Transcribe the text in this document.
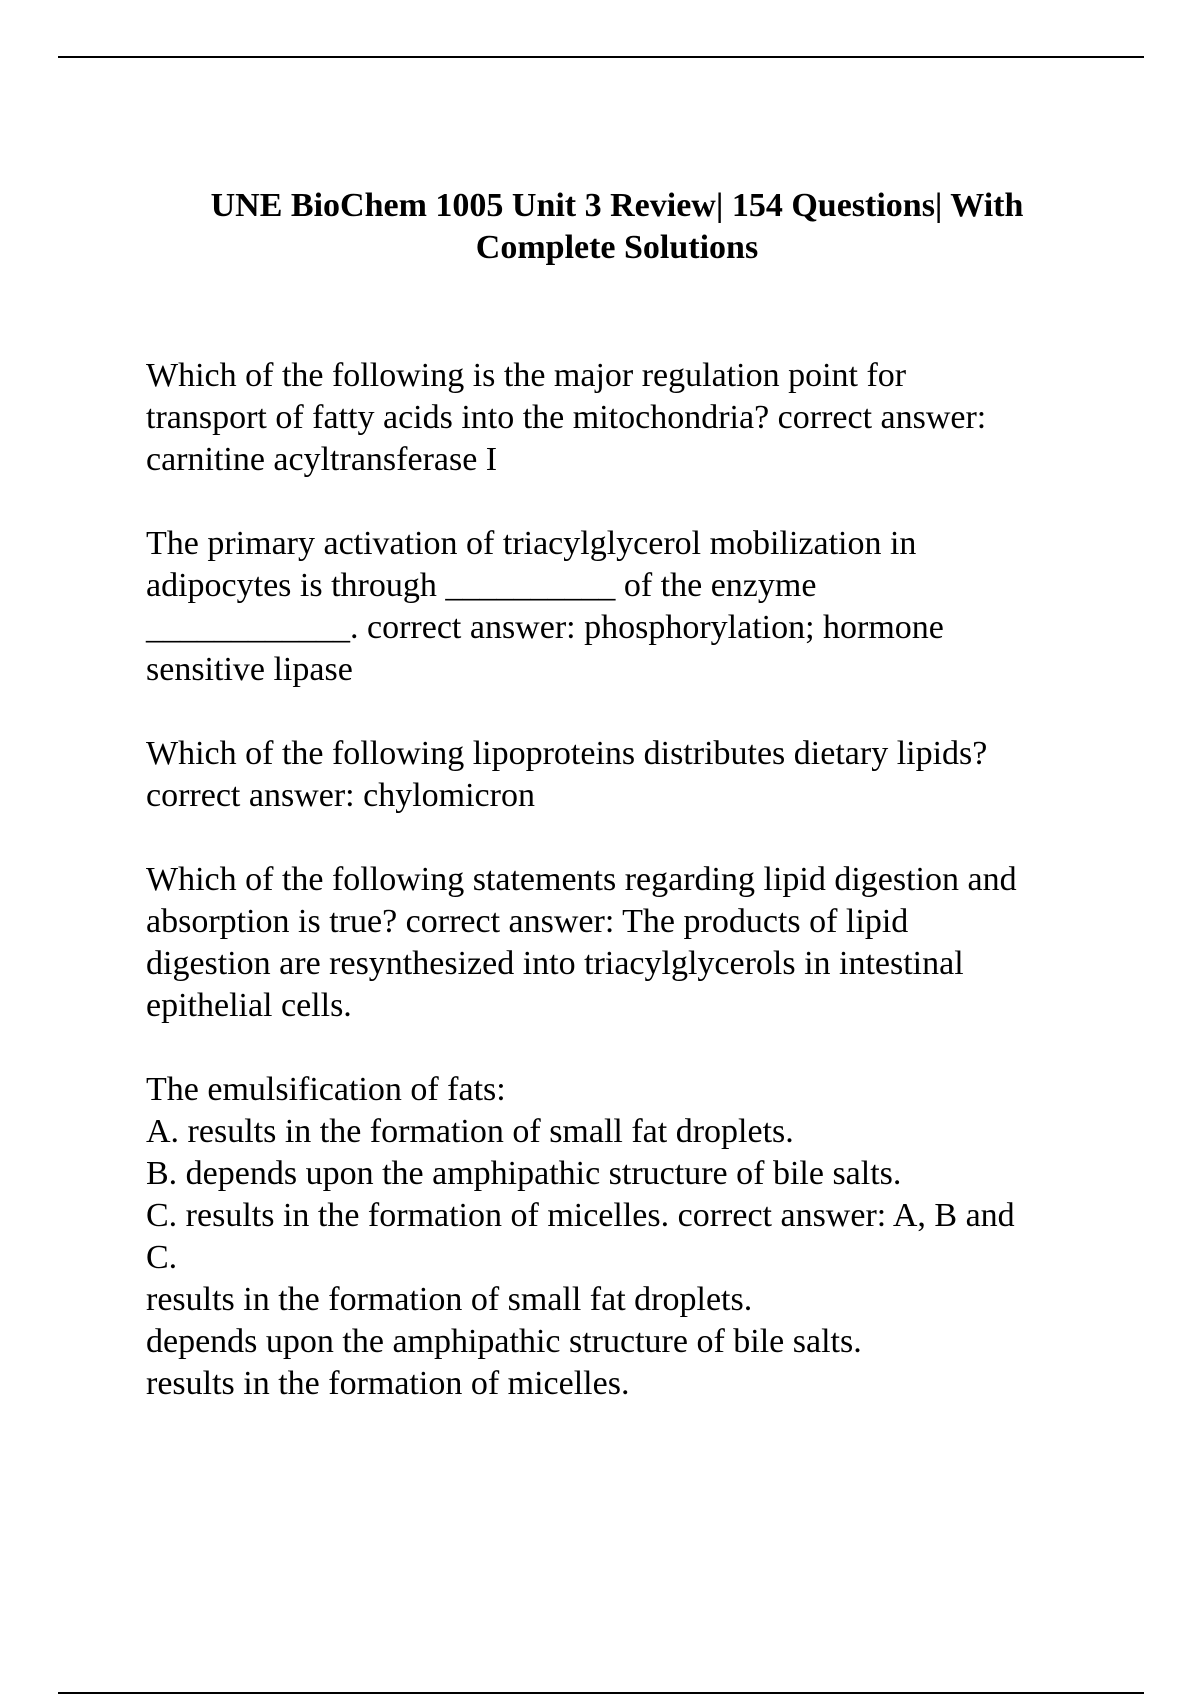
UNE BioChem 1005 Unit 3 Review| 154 Questions| With
Complete Solutions

Which of the following is the major regulation point for
transport of fatty acids into the mitochondria? correct answer:
carnitine acyltransferase I

The primary activation of triacylglycerol mobilization in
adipocytes is through __________ of the enzyme
____________. correct answer: phosphorylation; hormone
sensitive lipase

Which of the following lipoproteins distributes dietary lipids?
correct answer: chylomicron

Which of the following statements regarding lipid digestion and
absorption is true? correct answer: The products of lipid
digestion are resynthesized into triacylglycerols in intestinal
epithelial cells.

The emulsification of fats:
A. results in the formation of small fat droplets.
B. depends upon the amphipathic structure of bile salts.
C. results in the formation of micelles. correct answer: A, B and
C.
results in the formation of small fat droplets.
depends upon the amphipathic structure of bile salts.
results in the formation of micelles.
